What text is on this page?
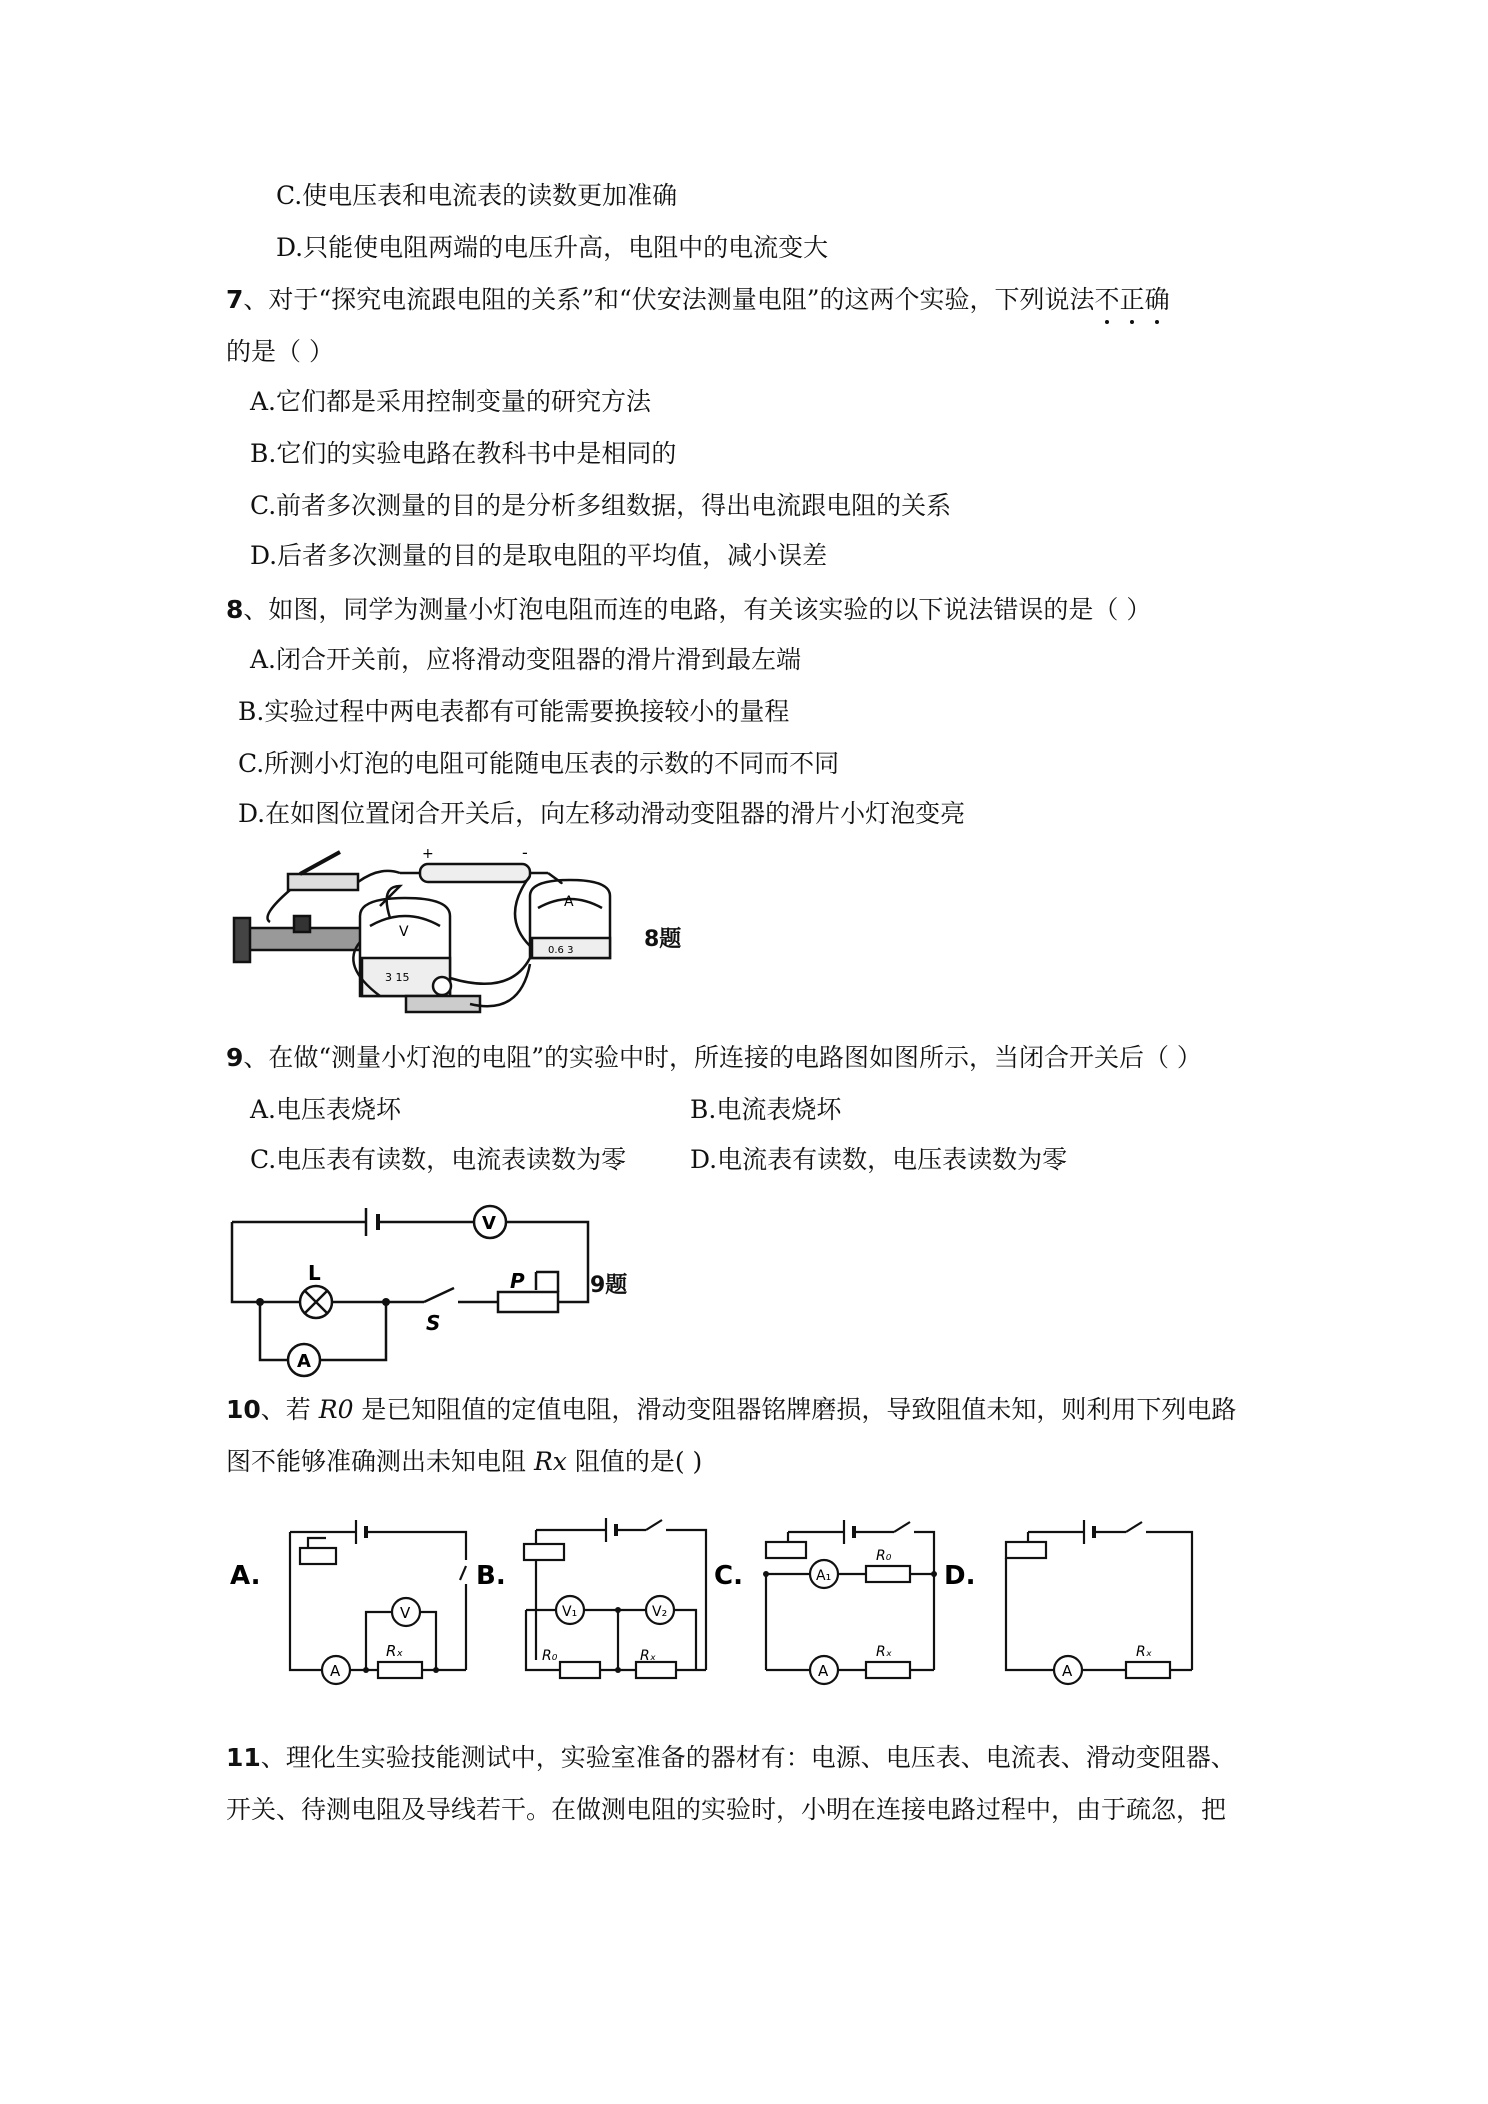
C.使电压表和电流表的读数更加准确
D.只能使电阻两端的电压升高，电阻中的电流变大
7、对于“探究电流跟电阻的关系”和“伏安法测量电阻”的这两个实验，下列说法不正确
的是（ ）
A.它们都是采用控制变量的研究方法
B.它们的实验电路在教科书中是相同的
C.前者多次测量的目的是分析多组数据，得出电流跟电阻的关系
D.后者多次测量的目的是取电阻的平均值，减小误差
8、如图，同学为测量小灯泡电阻而连的电路，有关该实验的以下说法错误的是（ ）
A.闭合开关前，应将滑动变阻器的滑片滑到最左端
B.实验过程中两电表都有可能需要换接较小的量程
C.所测小灯泡的电阻可能随电压表的示数的不同而不同
D.在如图位置闭合开关后，向左移动滑动变阻器的滑片小灯泡变亮
+	-
V
A
3 15
0.6 3	8题
9、在做“测量小灯泡的电阻”的实验中时，所连接的电路图如图所示，当闭合开关后（ ）
A.电压表烧坏	B.电流表烧坏
C.电压表有读数，电流表读数为零	D.电流表有读数，电压表读数为零
V
L	P
S
A
9题
10、若 R0 是已知阻值的定值电阻，滑动变阻器铭牌磨损，导致阻值未知，则利用下列电路
图不能够准确测出未知电阻 Rx 阻值的是( )
A.	B.	C.	D.
A
V
Rₓ
V₁	V₂
R₀	Rₓ
A₁
R₀
A
Rₓ
A
Rₓ
11、理化生实验技能测试中，实验室准备的器材有：电源、电压表、电流表、滑动变阻器、
开关、待测电阻及导线若干。在做测电阻的实验时，小明在连接电路过程中，由于疏忽，把
